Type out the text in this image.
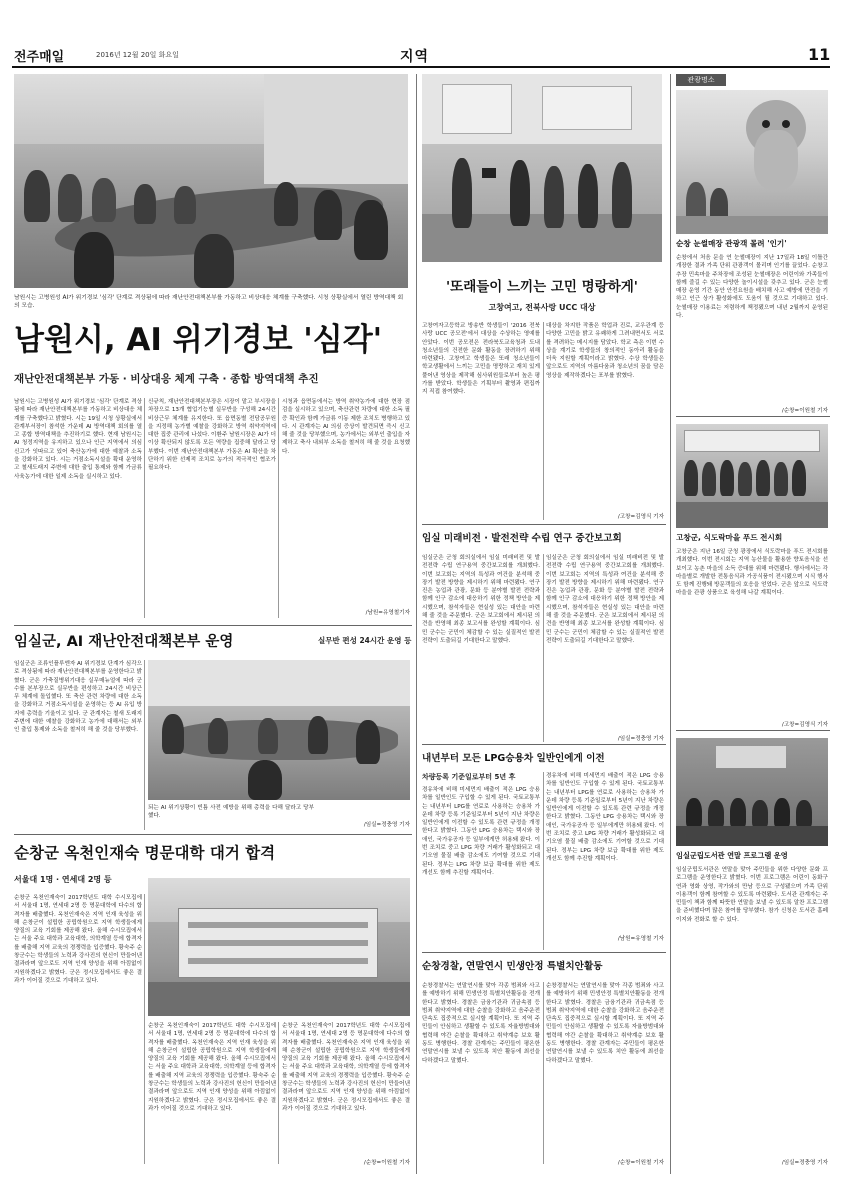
전주매일	2016년 12월 20일 화요일	지역	11
남원시는 고병원성 AI가 위기경보 '심각' 단계로 격상됨에 따라 재난안전대책본부를 가동하고 비상대응 체계를 구축했다. 시청 상황실에서 열린 방역대책 회의 모습.
남원시, AI 위기경보 '심각'
재난안전대책본부 가동 · 비상대응 체계 구축 · 종합 방역대책 추진
남원시는 고병원성 AI가 위기경보 '심각' 단계로 격상됨에 따라 재난안전대책본부를 가동하고 비상대응 체계를 구축했다고 밝혔다. 시는 19일 시청 상황실에서 관계부서장이 참석한 가운데 AI 방역대책 회의를 열고 종합 방역대책을 추진하기로 했다. 현재 남원시는 AI 청정지역을 유지하고 있으나 인근 지역에서 의심신고가 잇따르고 있어 축산농가에 대한 예찰과 소독을 강화하고 있다. 시는 거점소독시설을 확대 운영하고 철새도래지 주변에 대한 출입 통제와 함께 가금류 사육농가에 대한 일제 소독을 실시하고 있다.
신규칙, 재난안전대책본부장은 시장이 맡고 부시장을 차장으로 13개 협업기능별 실무반을 구성해 24시간 비상근무 체계를 유지한다. 또 읍면동별 전담공무원을 지정해 농가별 예찰을 강화하고 방역 취약지역에 대한 집중 관리에 나섰다. 이환주 남원시장은 AI가 더 이상 확산되지 않도록 모든 역량을 집중해 달라고 당부했다. 이번 재난안전대책본부 가동은 AI 확산을 차단하기 위한 선제적 조치로 농가의 적극적인 협조가 필요하다.
시청과 읍면동에서는 방역 취약농가에 대한 현장 점검을 실시하고 있으며, 축산관련 차량에 대한 소독 필증 확인과 함께 가금류 이동 제한 조치도 병행하고 있다. 시 관계자는 AI 의심 증상이 발견되면 즉시 신고해 줄 것을 당부했으며, 농가에서는 외부인 출입을 자제하고 축사 내외부 소독을 철저히 해 줄 것을 요청했다.
/남원=유영철기자
임실군, AI 재난안전대책본부 운영	실무반 편성 24시간 운영 등
임실군은 조류인플루엔자 AI 위기경보 단계가 심각으로 격상됨에 따라 재난안전대책본부를 운영한다고 밝혔다. 군은 가축질병위기대응 실무매뉴얼에 따라 군수를 본부장으로 실무반을 편성하고 24시간 비상근무 체계에 돌입했다. 또 축산 관련 차량에 대한 소독을 강화하고 거점소독시설을 운영하는 등 AI 유입 방지에 총력을 기울이고 있다. 군 관계자는 철새 도래지 주변에 대한 예찰을 강화하고 농가에 대해서는 외부인 출입 통제와 소독을 철저히 해 줄 것을 당부했다.
되는 AI 위기상황이 빈틈 사전 예방을 위해 총력을 다해 달라고 당부했다.
/임실=정충영 기자
순창군 옥천인재숙 명문대학 대거 합격
서울대 1명 · 연세대 2명 등
순창군 옥천인재숙이 2017학년도 대학 수시모집에서 서울대 1명, 연세대 2명 등 명문대학에 다수의 합격자를 배출했다. 옥천인재숙은 지역 인재 육성을 위해 순창군이 설립한 공립학원으로 지역 학생들에게 양질의 교육 기회를 제공해 왔다. 올해 수시모집에서는 서울 주요 대학과 교육대학, 의학계열 등에 합격자를 배출해 지역 교육의 경쟁력을 입증했다. 황숙주 순창군수는 학생들의 노력과 강사진의 헌신이 만들어낸 결과라며 앞으로도 지역 인재 양성을 위해 아낌없이 지원하겠다고 밝혔다. 군은 정시모집에서도 좋은 결과가 이어질 것으로 기대하고 있다.
순창군 옥천인재숙이 2017학년도 대학 수시모집에서 서울대 1명, 연세대 2명 등 명문대학에 다수의 합격자를 배출했다. 옥천인재숙은 지역 인재 육성을 위해 순창군이 설립한 공립학원으로 지역 학생들에게 양질의 교육 기회를 제공해 왔다. 올해 수시모집에서는 서울 주요 대학과 교육대학, 의학계열 등에 합격자를 배출해 지역 교육의 경쟁력을 입증했다. 황숙주 순창군수는 학생들의 노력과 강사진의 헌신이 만들어낸 결과라며 앞으로도 지역 인재 양성을 위해 아낌없이 지원하겠다고 밝혔다. 군은 정시모집에서도 좋은 결과가 이어질 것으로 기대하고 있다.
순창군 옥천인재숙이 2017학년도 대학 수시모집에서 서울대 1명, 연세대 2명 등 명문대학에 다수의 합격자를 배출했다. 옥천인재숙은 지역 인재 육성을 위해 순창군이 설립한 공립학원으로 지역 학생들에게 양질의 교육 기회를 제공해 왔다. 올해 수시모집에서는 서울 주요 대학과 교육대학, 의학계열 등에 합격자를 배출해 지역 교육의 경쟁력을 입증했다. 황숙주 순창군수는 학생들의 노력과 강사진의 헌신이 만들어낸 결과라며 앞으로도 지역 인재 양성을 위해 아낌없이 지원하겠다고 밝혔다. 군은 정시모집에서도 좋은 결과가 이어질 것으로 기대하고 있다.
/순창=이원철 기자
'또래들이 느끼는 고민 명랑하게'
고창여고, 전북사랑 UCC 대상
고창여자고등학교 방송반 학생들이 '2016 전북사랑 UCC 공모전'에서 대상을 수상하는 영예를 안았다. 이번 공모전은 전라북도교육청과 도내 청소년들의 건전한 문화 활동을 장려하기 위해 마련됐다. 고창여고 학생들은 또래 청소년들이 학교생활에서 느끼는 고민을 명랑하고 재치 있게 풀어낸 영상을 제작해 심사위원들로부터 높은 평가를 받았다. 학생들은 기획부터 촬영과 편집까지 직접 참여했다.
대상을 차지한 작품은 학업과 진로, 교우관계 등 다양한 고민을 밝고 유쾌하게 그려내면서도 서로를 격려하는 메시지를 담았다. 학교 측은 이번 수상을 계기로 학생들의 창의적인 동아리 활동을 더욱 지원할 계획이라고 밝혔다. 수상 학생들은 앞으로도 지역의 아름다움과 청소년의 꿈을 담은 영상을 제작하겠다는 포부를 밝혔다.
/고창=김영식 기자
임실 미래비전 · 발전전략 수립 연구 중간보고회
임실군은 군청 회의실에서 임실 미래비전 및 발전전략 수립 연구용역 중간보고회를 개최했다. 이번 보고회는 지역의 특성과 여건을 분석해 중장기 발전 방향을 제시하기 위해 마련됐다. 연구진은 농업과 관광, 문화 등 분야별 발전 전략과 함께 인구 감소에 대응하기 위한 정책 방안을 제시했으며, 참석자들은 현실성 있는 대안을 마련해 줄 것을 주문했다. 군은 보고회에서 제시된 의견을 반영해 최종 보고서를 완성할 계획이다. 심민 군수는 군민이 체감할 수 있는 실질적인 발전 전략이 도출되길 기대한다고 말했다.
임실군은 군청 회의실에서 임실 미래비전 및 발전전략 수립 연구용역 중간보고회를 개최했다. 이번 보고회는 지역의 특성과 여건을 분석해 중장기 발전 방향을 제시하기 위해 마련됐다. 연구진은 농업과 관광, 문화 등 분야별 발전 전략과 함께 인구 감소에 대응하기 위한 정책 방안을 제시했으며, 참석자들은 현실성 있는 대안을 마련해 줄 것을 주문했다. 군은 보고회에서 제시된 의견을 반영해 최종 보고서를 완성할 계획이다. 심민 군수는 군민이 체감할 수 있는 실질적인 발전 전략이 도출되길 기대한다고 말했다.
/임실=정충영 기자
내년부터 모든 LPG승용차 일반인에게 이전
차량등록 기준일로부터 5년 후
경유차에 비해 미세먼지 배출이 적은 LPG 승용차를 일반인도 구입할 수 있게 된다. 국토교통부는 내년부터 LPG를 연료로 사용하는 승용차 가운데 차량 등록 기준일로부터 5년이 지난 차량은 일반인에게 이전할 수 있도록 관련 규정을 개정한다고 밝혔다. 그동안 LPG 승용차는 택시와 장애인, 국가유공자 등 일부에게만 허용돼 왔다. 이번 조치로 중고 LPG 차량 거래가 활성화되고 대기오염 물질 배출 감소에도 기여할 것으로 기대된다. 정부는 LPG 차량 보급 확대를 위한 제도 개선도 함께 추진할 계획이다.
경유차에 비해 미세먼지 배출이 적은 LPG 승용차를 일반인도 구입할 수 있게 된다. 국토교통부는 내년부터 LPG를 연료로 사용하는 승용차 가운데 차량 등록 기준일로부터 5년이 지난 차량은 일반인에게 이전할 수 있도록 관련 규정을 개정한다고 밝혔다. 그동안 LPG 승용차는 택시와 장애인, 국가유공자 등 일부에게만 허용돼 왔다. 이번 조치로 중고 LPG 차량 거래가 활성화되고 대기오염 물질 배출 감소에도 기여할 것으로 기대된다. 정부는 LPG 차량 보급 확대를 위한 제도 개선도 함께 추진할 계획이다.
/남원=유영철 기자
순창경찰, 연말연시 민생안정 특별치안활동
순창경찰서는 연말연시를 맞아 각종 범죄와 사고를 예방하기 위해 민생안정 특별치안활동을 전개한다고 밝혔다. 경찰은 금융기관과 귀금속점 등 범죄 취약지역에 대한 순찰을 강화하고 음주운전 단속도 집중적으로 실시할 계획이다. 또 지역 주민들이 안심하고 생활할 수 있도록 자율방범대와 협력해 야간 순찰을 확대하고 취약계층 보호 활동도 병행한다. 경찰 관계자는 주민들이 평온한 연말연시를 보낼 수 있도록 치안 활동에 최선을 다하겠다고 말했다.
순창경찰서는 연말연시를 맞아 각종 범죄와 사고를 예방하기 위해 민생안정 특별치안활동을 전개한다고 밝혔다. 경찰은 금융기관과 귀금속점 등 범죄 취약지역에 대한 순찰을 강화하고 음주운전 단속도 집중적으로 실시할 계획이다. 또 지역 주민들이 안심하고 생활할 수 있도록 자율방범대와 협력해 야간 순찰을 확대하고 취약계층 보호 활동도 병행한다. 경찰 관계자는 주민들이 평온한 연말연시를 보낼 수 있도록 치안 활동에 최선을 다하겠다고 말했다.
/순창=이원철 기자
관광명소
순창 눈썰매장 관광객 몰려 '인기'
순창에서 처음 문을 연 눈썰매장이 지난 17일과 18일 이틀간 개장한 결과 가족 단위 관광객이 몰리며 인기를 끌었다. 순창고추장 민속마을 주차장에 조성된 눈썰매장은 어린이와 가족들이 함께 즐길 수 있는 다양한 놀이시설을 갖추고 있다. 군은 눈썰매장 운영 기간 동안 안전요원을 배치해 사고 예방에 만전을 기하고 인근 상가 활성화에도 도움이 될 것으로 기대하고 있다. 눈썰매장 이용료는 저렴하게 책정됐으며 내년 2월까지 운영된다.
/순창=이원철 기자
고창군, 식도락마을 푸드 전시회
고창군은 지난 16일 군청 광장에서 식도락마을 푸드 전시회를 개최했다. 이번 전시회는 지역 농산물을 활용한 향토음식을 선보이고 농촌 마을의 소득 증대를 위해 마련됐다. 행사에서는 각 마을별로 개발한 전통음식과 가공식품이 전시됐으며 시식 행사도 함께 진행돼 방문객들의 호응을 얻었다. 군은 앞으로 식도락마을을 관광 상품으로 육성해 나갈 계획이다.
/고창=김영식 기자
임실군립도서관 연말 프로그램 운영
임실군립도서관은 연말을 맞아 주민들을 위한 다양한 문화 프로그램을 운영한다고 밝혔다. 이번 프로그램은 어린이 동화구연과 영화 상영, 작가와의 만남 등으로 구성됐으며 가족 단위 이용객이 함께 참여할 수 있도록 마련됐다. 도서관 관계자는 주민들이 책과 함께 따뜻한 연말을 보낼 수 있도록 알찬 프로그램을 준비했다며 많은 참여를 당부했다. 참가 신청은 도서관 홈페이지와 전화로 할 수 있다.
/임실=정충영 기자
